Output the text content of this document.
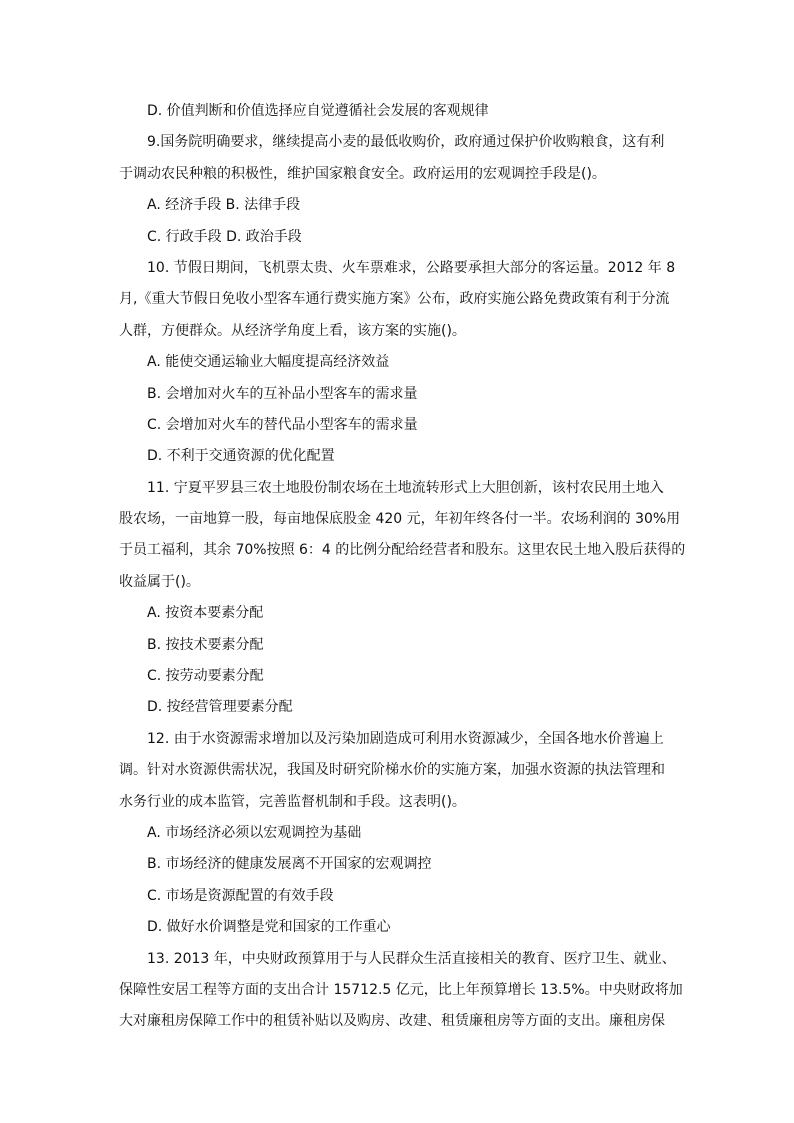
D. 价值判断和价值选择应自觉遵循社会发展的客观规律
9.国务院明确要求，继续提高小麦的最低收购价，政府通过保护价收购粮食，这有利
于调动农民种粮的积极性，维护国家粮食安全。政府运用的宏观调控手段是()。
A. 经济手段 B. 法律手段
C. 行政手段 D. 政治手段
10. 节假日期间，飞机票太贵、火车票难求，公路要承担大部分的客运量。2012 年 8
月,《重大节假日免收小型客车通行费实施方案》公布，政府实施公路免费政策有利于分流
人群，方便群众。从经济学角度上看，该方案的实施()。
A. 能使交通运输业大幅度提高经济效益
B. 会增加对火车的互补品小型客车的需求量
C. 会增加对火车的替代品小型客车的需求量
D. 不利于交通资源的优化配置
11. 宁夏平罗县三农土地股份制农场在土地流转形式上大胆创新，该村农民用土地入
股农场，一亩地算一股，每亩地保底股金 420 元，年初年终各付一半。农场利润的 30%用
于员工福利，其余 70%按照 6：4 的比例分配给经营者和股东。这里农民土地入股后获得的
收益属于()。
A. 按资本要素分配
B. 按技术要素分配
C. 按劳动要素分配
D. 按经营管理要素分配
12. 由于水资源需求增加以及污染加剧造成可利用水资源减少，全国各地水价普遍上
调。针对水资源供需状况，我国及时研究阶梯水价的实施方案，加强水资源的执法管理和
水务行业的成本监管，完善监督机制和手段。这表明()。
A. 市场经济必须以宏观调控为基础
B. 市场经济的健康发展离不开国家的宏观调控
C. 市场是资源配置的有效手段
D. 做好水价调整是党和国家的工作重心
13. 2013 年，中央财政预算用于与人民群众生活直接相关的教育、医疗卫生、就业、
保障性安居工程等方面的支出合计 15712.5 亿元，比上年预算增长 13.5%。中央财政将加
大对廉租房保障工作中的租赁补贴以及购房、改建、租赁廉租房等方面的支出。廉租房保
